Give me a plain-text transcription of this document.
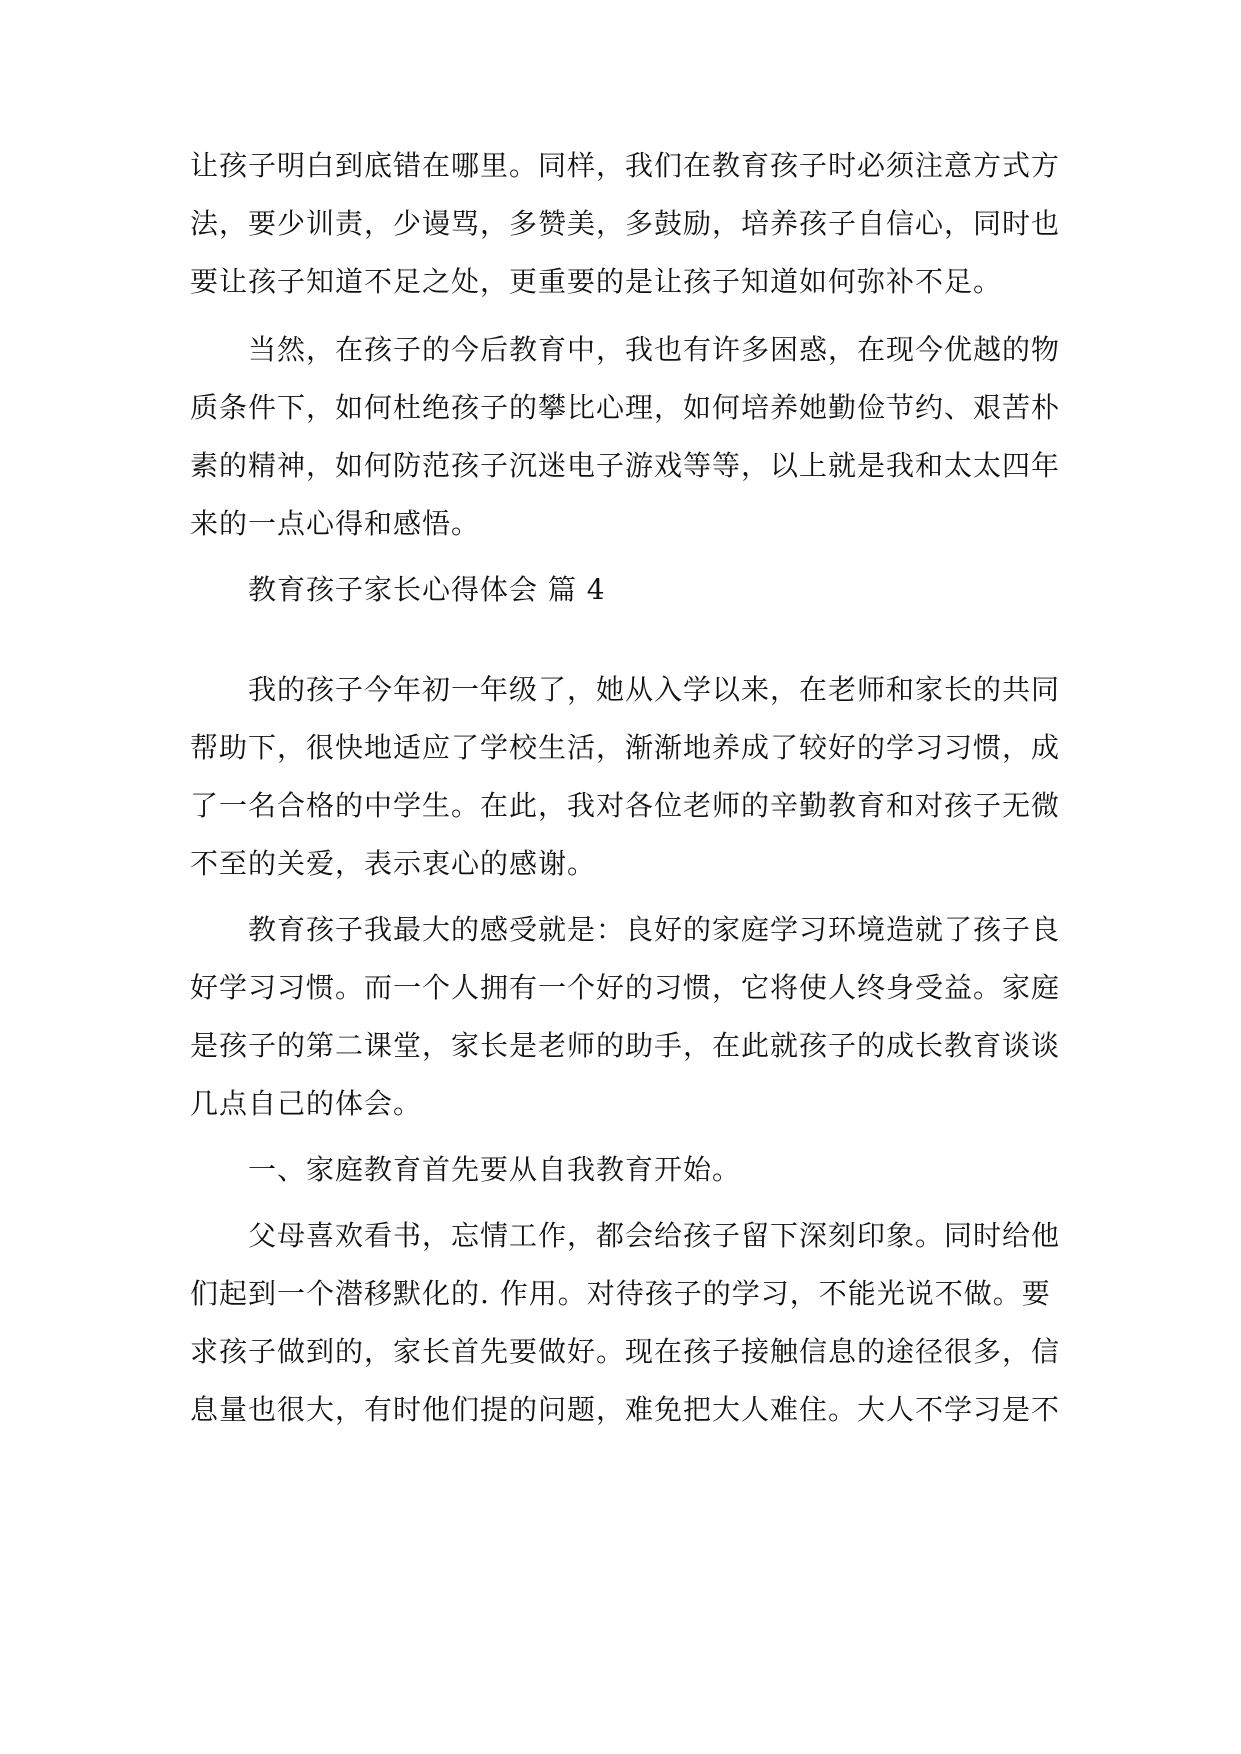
让孩子明白到底错在哪里。同样，我们在教育孩子时必须注意方式方
法，要少训责，少谩骂，多赞美，多鼓励，培养孩子自信心，同时也
要让孩子知道不足之处，更重要的是让孩子知道如何弥补不足。
当然，在孩子的今后教育中，我也有许多困惑，在现今优越的物
质条件下，如何杜绝孩子的攀比心理，如何培养她勤俭节约、艰苦朴
素的精神，如何防范孩子沉迷电子游戏等等，以上就是我和太太四年
来的一点心得和感悟。
教育孩子家长心得体会 篇 4
我的孩子今年初一年级了，她从入学以来，在老师和家长的共同
帮助下，很快地适应了学校生活，渐渐地养成了较好的学习习惯，成
了一名合格的中学生。在此，我对各位老师的辛勤教育和对孩子无微
不至的关爱，表示衷心的感谢。
教育孩子我最大的感受就是：良好的家庭学习环境造就了孩子良
好学习习惯。而一个人拥有一个好的习惯，它将使人终身受益。家庭
是孩子的第二课堂，家长是老师的助手，在此就孩子的成长教育谈谈
几点自己的体会。
一、家庭教育首先要从自我教育开始。
父母喜欢看书，忘情工作，都会给孩子留下深刻印象。同时给他
们起到一个潜移默化的. 作用。对待孩子的学习，不能光说不做。要
求孩子做到的，家长首先要做好。现在孩子接触信息的途径很多，信
息量也很大，有时他们提的问题，难免把大人难住。大人不学习是不
